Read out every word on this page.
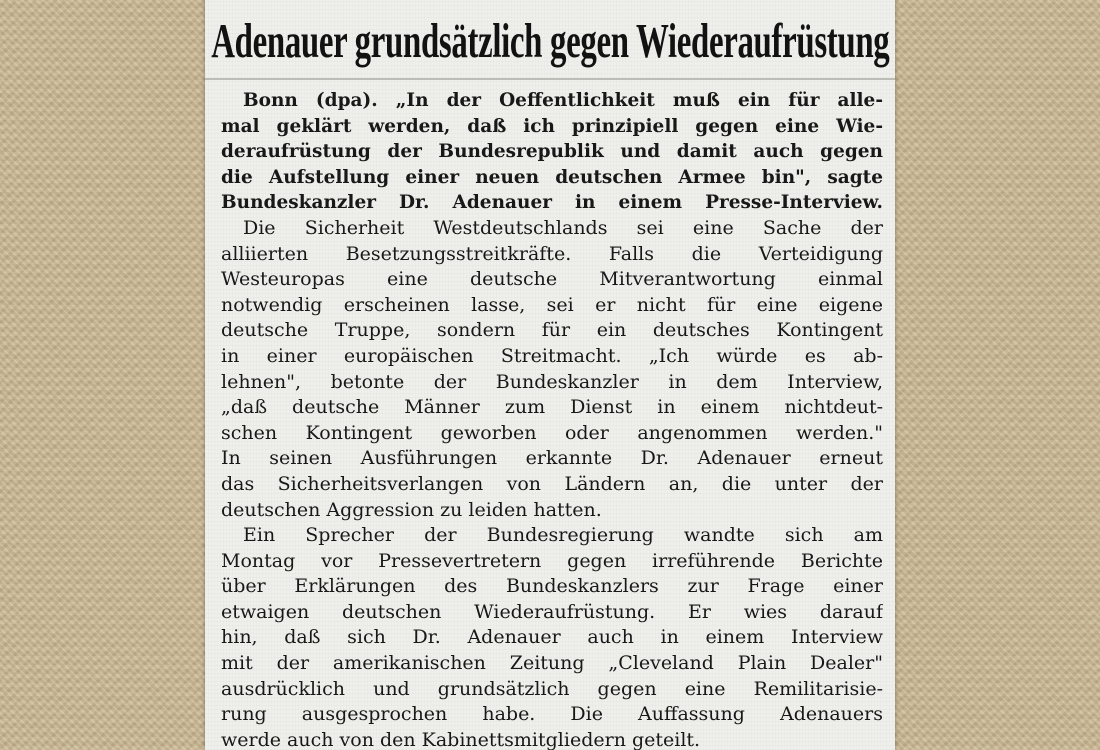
Adenauer grundsätzlich gegen Wiederaufrüstung
Bonn (dpa). „In der Oeffentlichkeit muß ein für alle-
mal geklärt werden, daß ich prinzipiell gegen eine Wie-
deraufrüstung der Bundesrepublik und damit auch gegen
die Aufstellung einer neuen deutschen Armee bin", sagte
Bundeskanzler Dr. Adenauer in einem Presse-Interview.
Die Sicherheit Westdeutschlands sei eine Sache der
alliierten Besetzungsstreitkräfte. Falls die Verteidigung
Westeuropas eine deutsche Mitverantwortung einmal
notwendig erscheinen lasse, sei er nicht für eine eigene
deutsche Truppe, sondern für ein deutsches Kontingent
in einer europäischen Streitmacht. „Ich würde es ab-
lehnen", betonte der Bundeskanzler in dem Interview,
„daß deutsche Männer zum Dienst in einem nichtdeut-
schen Kontingent geworben oder angenommen werden."
In seinen Ausführungen erkannte Dr. Adenauer erneut
das Sicherheitsverlangen von Ländern an, die unter der
deutschen Aggression zu leiden hatten.
Ein Sprecher der Bundesregierung wandte sich am
Montag vor Pressevertretern gegen irreführende Berichte
über Erklärungen des Bundeskanzlers zur Frage einer
etwaigen deutschen Wiederaufrüstung. Er wies darauf
hin, daß sich Dr. Adenauer auch in einem Interview
mit der amerikanischen Zeitung „Cleveland Plain Dealer"
ausdrücklich und grundsätzlich gegen eine Remilitarisie-
rung ausgesprochen habe. Die Auffassung Adenauers
werde auch von den Kabinettsmitgliedern geteilt.
